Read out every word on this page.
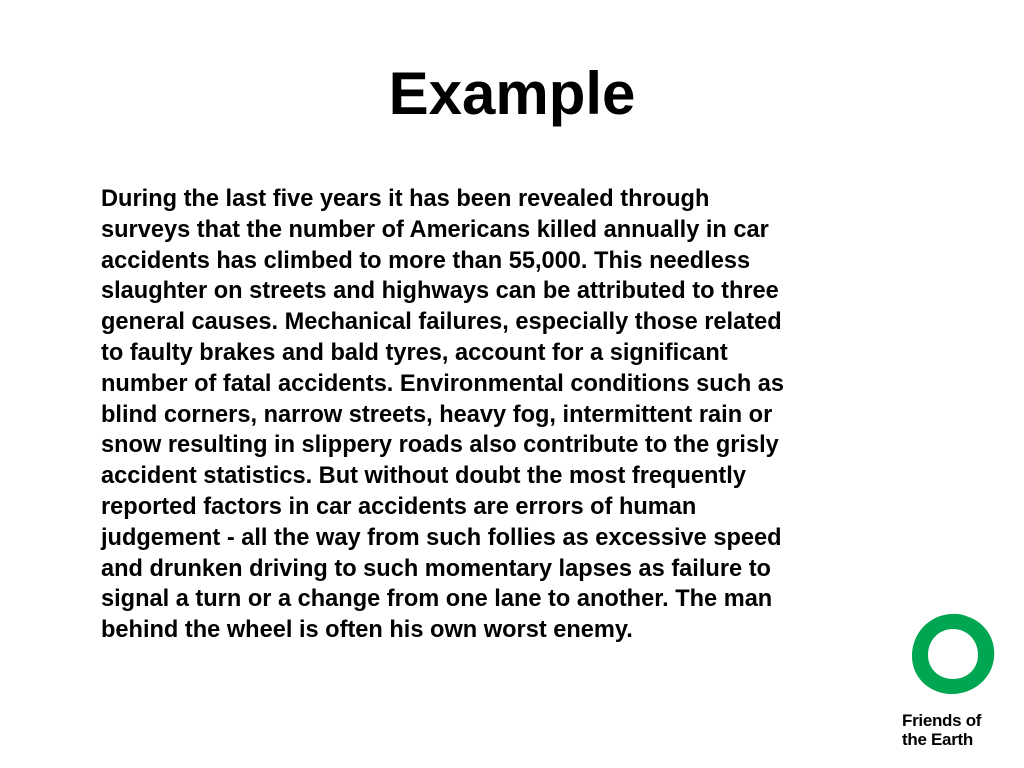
Example

During the last five years it has been revealed through
surveys that the number of Americans killed annually in car
accidents has climbed to more than 55,000. This needless
slaughter on streets and highways can be attributed to three
general causes. Mechanical failures, especially those related
to faulty brakes and bald tyres, account for a significant
number of fatal accidents. Environmental conditions such as
blind corners, narrow streets, heavy fog, intermittent rain or
snow resulting in slippery roads also contribute to the grisly
accident statistics. But without doubt the most frequently
reported factors in car accidents are errors of human
judgement - all the way from such follies as excessive speed
and drunken driving to such momentary lapses as failure to
signal a turn or a change from one lane to another. The man
behind the wheel is often his own worst enemy.

Friends of
the Earth
